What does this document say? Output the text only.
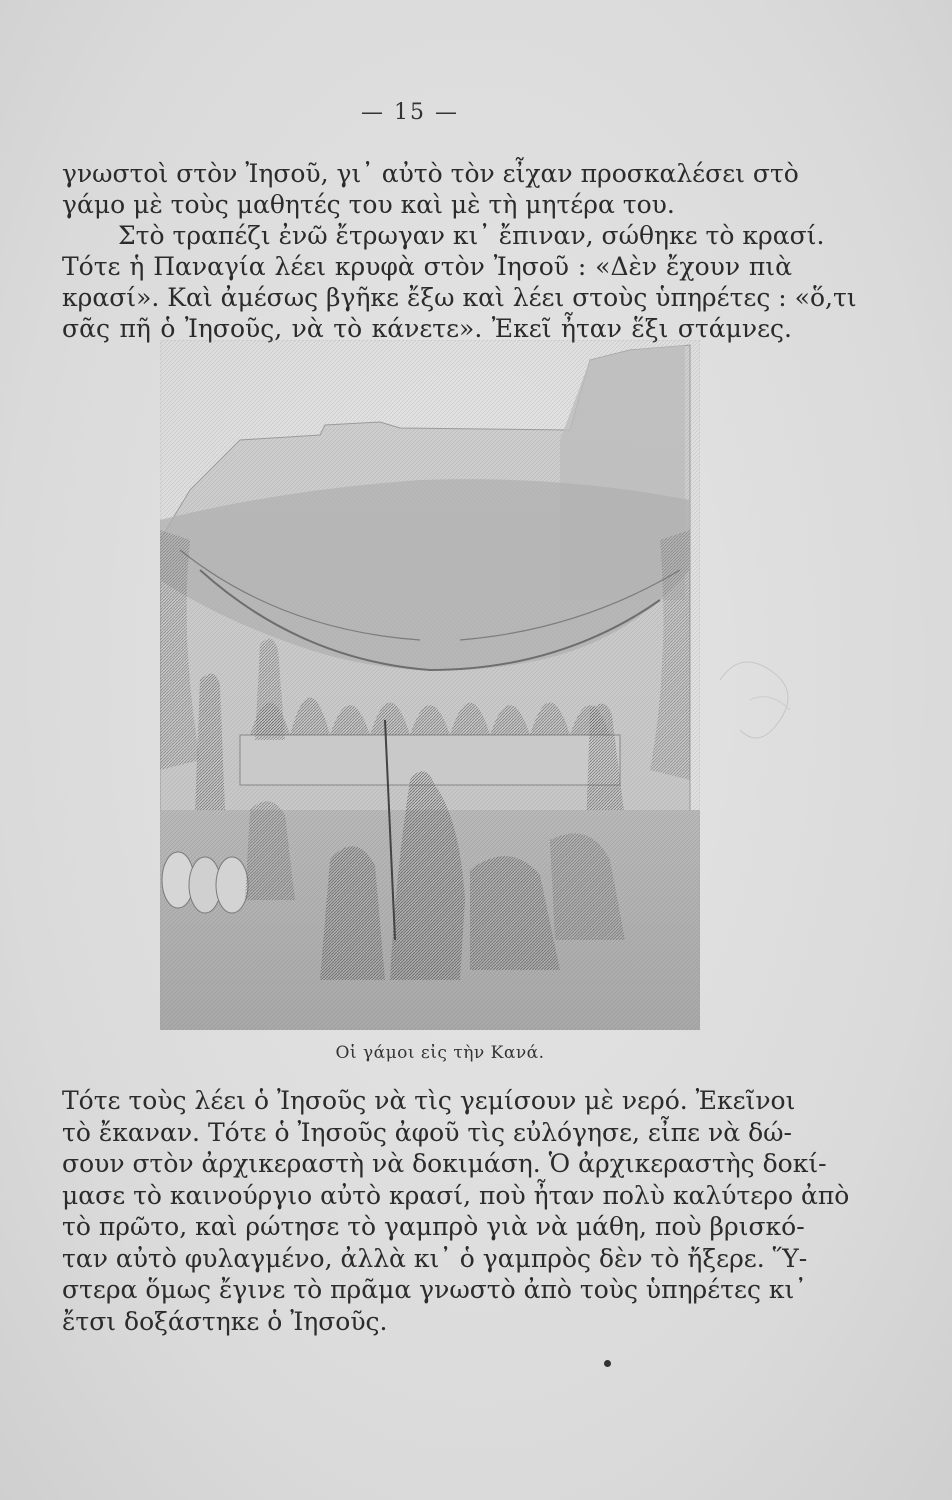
— 15 —
γνωστοὶ στὸν Ἰησοῦ, γι᾽ αὐτὸ τὸν εἶχαν προσκαλέσει στὸ
γάμο μὲ τοὺς μαθητές του καὶ μὲ τὴ μητέρα του.
Στὸ τραπέζι ἐνῶ ἔτρωγαν κι᾽ ἔπιναν, σώθηκε τὸ κρασί.
Τότε ἡ Παναγία λέει κρυφὰ στὸν Ἰησοῦ : «Δὲν ἔχουν πιὰ
κρασί». Καὶ ἀμέσως βγῆκε ἔξω καὶ λέει στοὺς ὑπηρέτες : «ὅ,τι
σᾶς πῆ ὁ Ἰησοῦς, νὰ τὸ κάνετε». Ἐκεῖ ἦταν ἕξι στάμνες.
Οἱ γάμοι εἰς τὴν Κανά.
Τότε τοὺς λέει ὁ Ἰησοῦς νὰ τὶς γεμίσουν μὲ νερό. Ἐκεῖνοι
τὸ ἔκαναν. Τότε ὁ Ἰησοῦς ἀφοῦ τὶς εὐλόγησε, εἶπε νὰ δώ-
σουν στὸν ἀρχικεραστὴ νὰ δοκιμάση. Ὁ ἀρχικεραστὴς δοκί-
μασε τὸ καινούργιο αὐτὸ κρασί, ποὺ ἦταν πολὺ καλύτερο ἀπὸ
τὸ πρῶτο, καὶ ρώτησε τὸ γαμπρὸ γιὰ νὰ μάθη, ποὺ βρισκό-
ταν αὐτὸ φυλαγμένο, ἀλλὰ κι᾽ ὁ γαμπρὸς δὲν τὸ ἤξερε. Ὕ-
στερα ὅμως ἔγινε τὸ πρᾶμα γνωστὸ ἀπὸ τοὺς ὑπηρέτες κι᾽
ἔτσι δοξάστηκε ὁ Ἰησοῦς.
